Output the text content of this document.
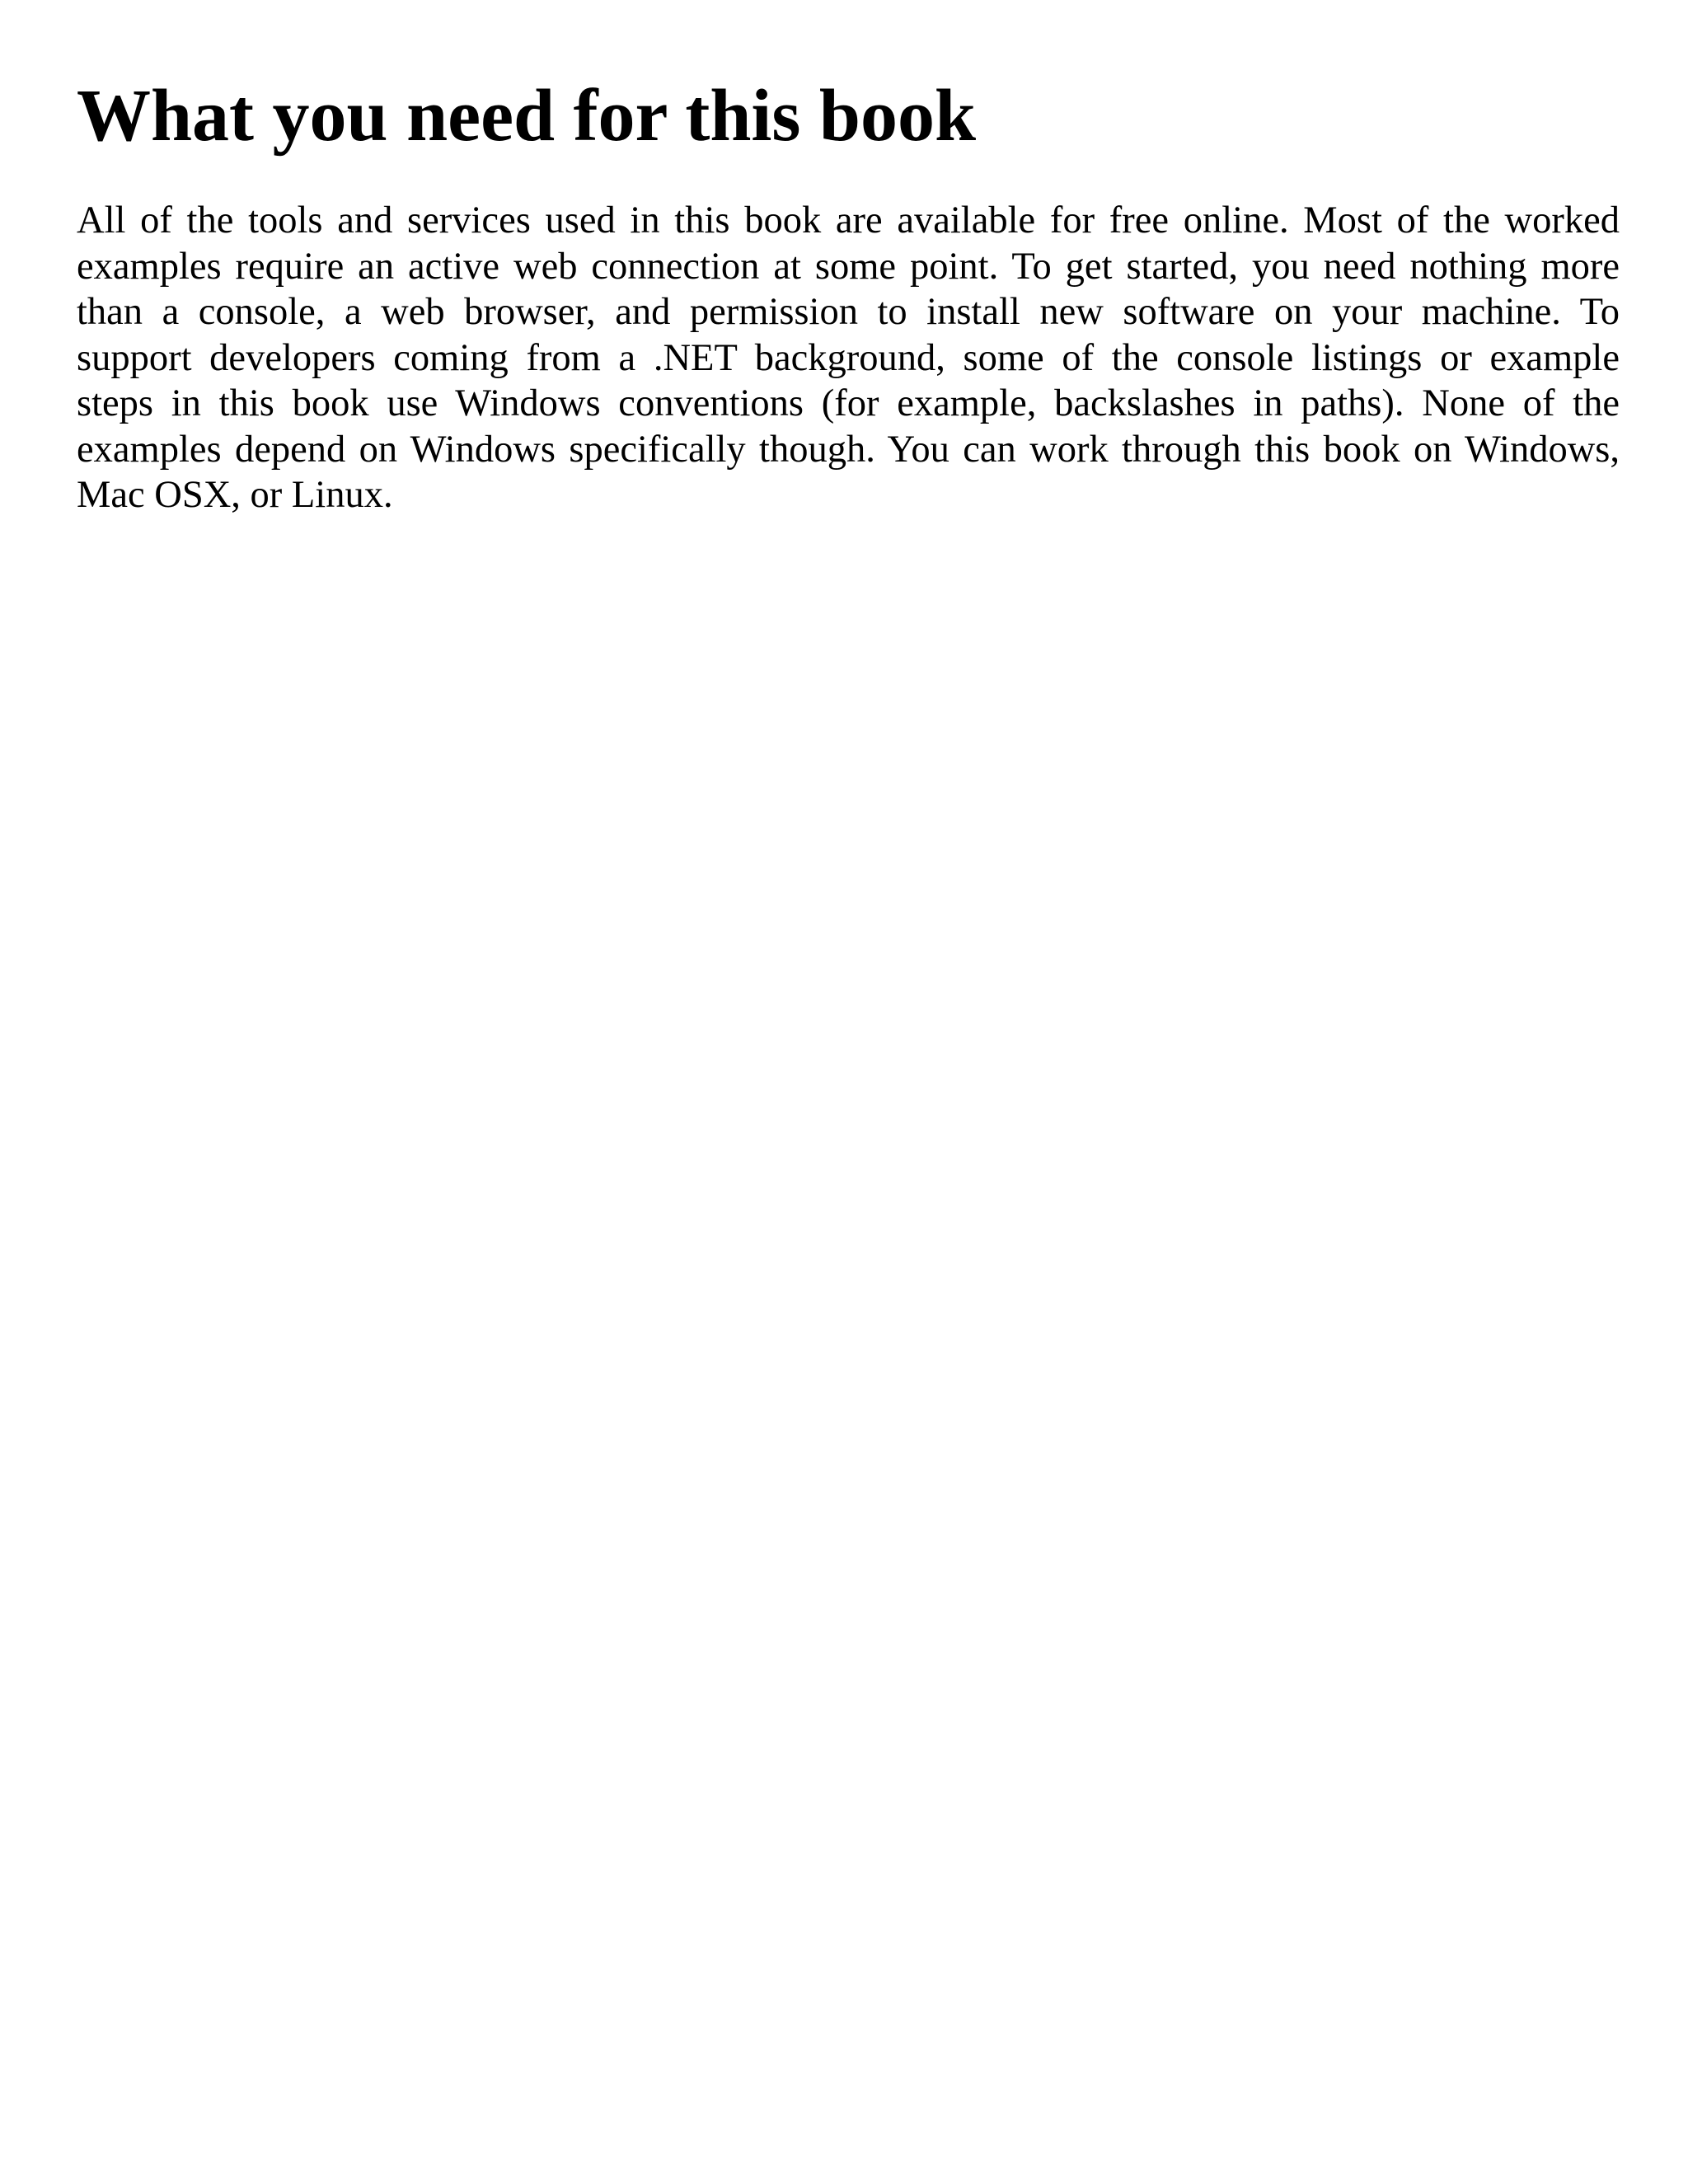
What you need for this book

All of the tools and services used in this book are available for free online. Most of the worked
examples require an active web connection at some point. To get started, you need nothing more
than a console, a web browser, and permission to install new software on your machine. To
support developers coming from a .NET background, some of the console listings or example
steps in this book use Windows conventions (for example, backslashes in paths). None of the
examples depend on Windows specifically though. You can work through this book on Windows,
Mac OSX, or Linux.
